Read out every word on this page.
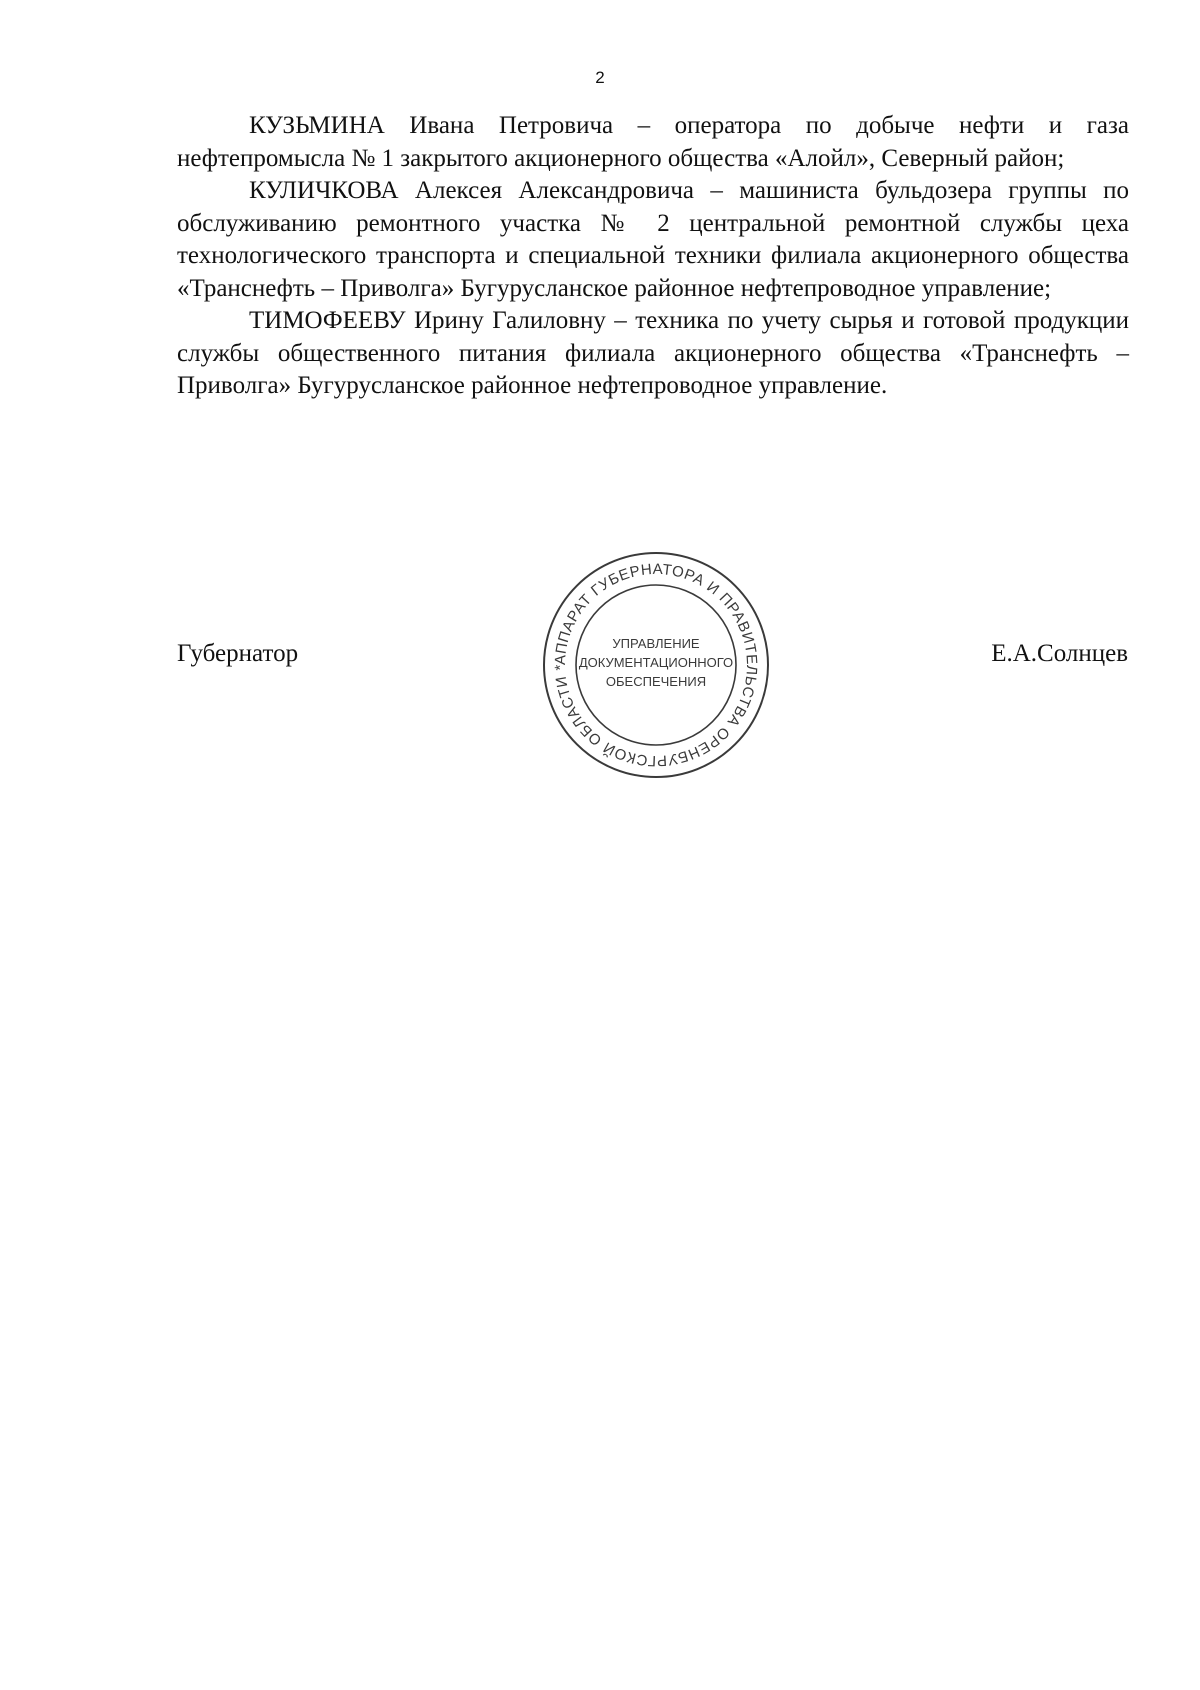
2

КУЗЬМИНА Ивана Петровича – оператора по добыче нефти и газа нефтепромысла № 1 закрытого акционерного общества «Алойл», Северный район;

КУЛИЧКОВА Алексея Александровича – машиниста бульдозера группы по обслуживанию ремонтного участка № 2 центральной ремонтной службы цеха технологического транспорта и специальной техники филиала акционерного общества «Транснефть – Приволга» Бугурусланское районное нефтепроводное управление;

ТИМОФЕЕВУ Ирину Галиловну – техника по учету сырья и готовой продукции службы общественного питания филиала акционерного общества «Транснефть – Приволга» Бугурусланское районное нефтепроводное управление.

Губернатор	АППАРАТ ГУБЕРНАТОРА И ПРАВИТЕЛЬСТВА ОРЕНБУРГСКОЙ ОБЛАСТИ *
УПРАВЛЕНИЕ
ДОКУМЕНТАЦИОННОГО
ОБЕСПЕЧЕНИЯ
Е.А.Солнцев
